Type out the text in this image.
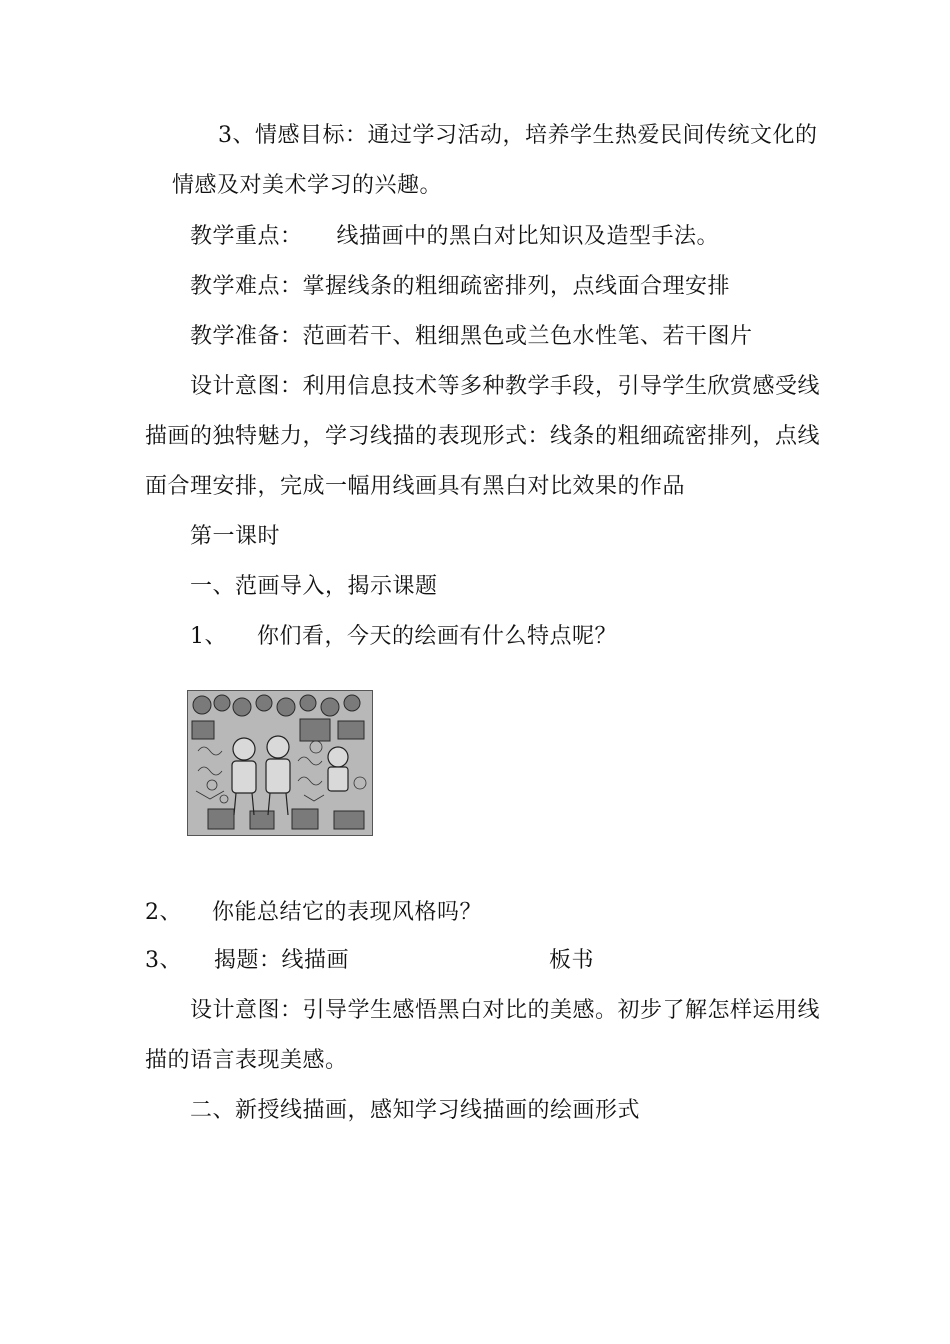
3、情感目标：通过学习活动，培养学生热爱民间传统文化的
情感及对美术学习的兴趣。
教学重点： 线描画中的黑白对比知识及造型手法。
教学难点：掌握线条的粗细疏密排列，点线面合理安排
教学准备：范画若干、粗细黑色或兰色水性笔、若干图片
设计意图：利用信息技术等多种教学手段，引导学生欣赏感受线
描画的独特魅力，学习线描的表现形式：线条的粗细疏密排列，点线
面合理安排，完成一幅用线画具有黑白对比效果的作品
第一课时
一、范画导入，揭示课题
1、 你们看，今天的绘画有什么特点呢？
2、 你能总结它的表现风格吗？
3、 揭题：线描画	板书
设计意图：引导学生感悟黑白对比的美感。初步了解怎样运用线
描的语言表现美感。
二、新授线描画，感知学习线描画的绘画形式
